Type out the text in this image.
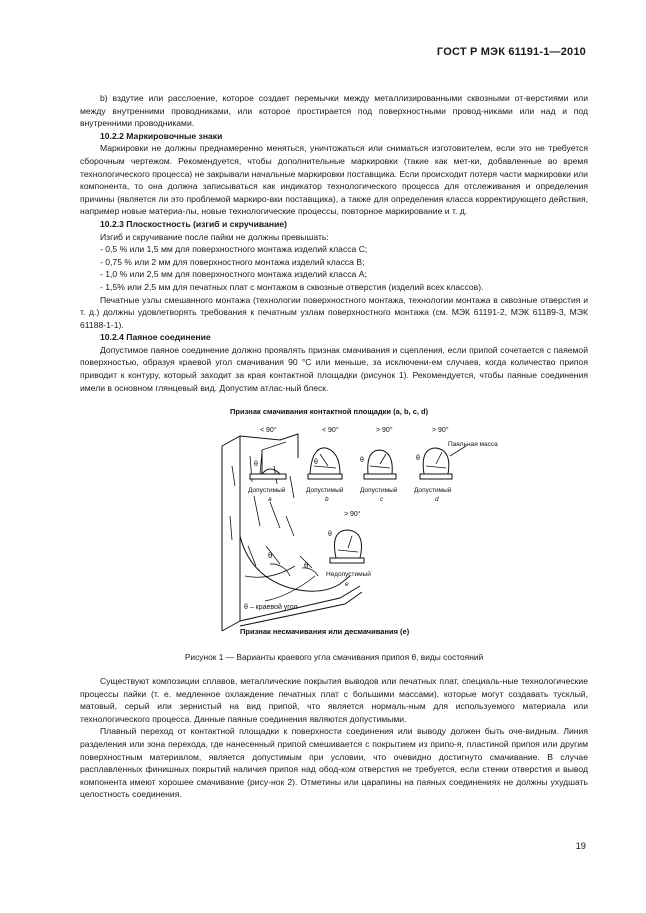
ГОСТ Р МЭК 61191-1—2010

b) вздутие или расслоение, которое создает перемычки между металлизированными сквозными от-верстиями или между внутренними проводниками, или которое простирается под поверхностными провод-никами или над и под внутренними проводниками.

10.2.2 Маркировочные знаки

Маркировки не должны преднамеренно меняться, уничтожаться или сниматься изготовителем, если это не требуется сборочным чертежом. Рекомендуется, чтобы дополнительные маркировки (такие как мет-ки, добавленные во время технологического процесса) не закрывали начальные маркировки поставщика. Если происходит потеря части маркировки или компонента, то она должна записываться как индикатор технологического процесса для отслеживания и определения причины (является ли это проблемой маркиро-вки поставщика), а также для определения класса корректирующего действия, например новые материа-лы, новые технологические процессы, повторное маркирование и т. д.

10.2.3 Плоскостность (изгиб и скручивание)

Изгиб и скручивание после пайки не должны превышать:

- 0,5 % или 1,5 мм для поверхностного монтажа изделий класса С;

- 0,75 % или 2 мм для поверхностного монтажа изделий класса В;

- 1,0 % или 2,5 мм для поверхностного монтажа изделий класса А;

- 1,5% или 2,5 мм для печатных плат с монтажом в сквозные отверстия (изделий всех классов).

Печатные узлы смешанного монтажа (технологии поверхностного монтажа, технологии монтажа в сквозные отверстия и т. д.) должны удовлетворять требования к печатным узлам поверхностного монтажа (см. МЭК 61191-2, МЭК 61189-3, МЭК 61188-1-1).

10.2.4 Паяное соединение

Допустимое паяное соединение должно проявлять признак смачивания и сцепления, если припой сочетается с паяемой поверхностью, образуя краевой угол смачивания 90 °С или меньше, за исключени-ем случаев, когда количество припоя приводит к контуру, который заходит за края контактной площадки (рисунок 1). Рекомендуется, чтобы паяные соединения имели в основном глянцевый вид. Допустим атлас-ный блеск.

Признак смачивания контактной площадки (a, b, c, d)
θ
θ
θ – краевой угол
< 90°
θ
Допустимый
a
< 90°
θ
Допустимый
b
> 90°
θ
Допустимый
c
> 90°
θ
Допустимый
d
Паяльная масса
> 90°
θ
Недопустимый
e
Признак несмачивания или десмачивания (e)
Рисунок 1 — Варианты краевого угла смачивания припоя θ, виды состояний

Существуют композиции сплавов, металлические покрытия выводов или печатных плат, специаль-ные технологические процессы пайки (т. е. медленное охлаждение печатных плат с большими массами), которые могут создавать тусклый, матовый, серый или зернистый на вид припой, что является нормаль-ным для используемого материала или технологического процесса. Данные паяные соединения являются допустимыми.

Плавный переход от контактной площадки к поверхности соединения или выводу должен быть оче-видным. Линия разделения или зона перехода, где нанесенный припой смешивается с покрытием из припо-я, пластиной припоя или другим поверхностным материалом, является допустимым при условии, что очевидно достигнуто смачивание. В случае расплавленных финишных покрытий наличия припоя над обод-ком отверстия не требуется, если стенки отверстия и вывод компонента имеют хорошее смачивание (рису-нок 2). Отметины или царапины на паяных соединениях не должны ухудшать целостность соединения.

19
